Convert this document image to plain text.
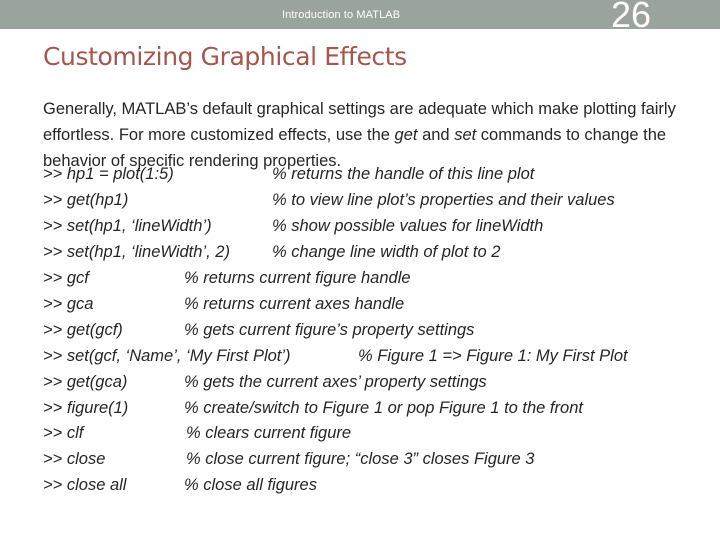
Introduction to MATLAB	26
Customizing Graphical Effects
Generally, MATLAB’s default graphical settings are adequate which make plotting fairly effortless. For more customized effects, use the get and set commands to change the behavior of specific rendering properties.
>> hp1 = plot(1:5)	% returns the handle of this line plot
>> get(hp1)	% to view line plot’s properties and their values
>> set(hp1, ‘lineWidth’)	% show possible values for lineWidth
>> set(hp1, ‘lineWidth’, 2)	% change line width of plot to 2
>> gcf	% returns current figure handle
>> gca	% returns current axes handle
>> get(gcf)	% gets current figure’s property settings
>> set(gcf, ‘Name’, ‘My First Plot’)	% Figure 1 => Figure 1: My First Plot
>> get(gca)	% gets the current axes’ property settings
>> figure(1)	% create/switch to Figure 1 or pop Figure 1 to the front
>> clf	% clears current figure
>> close	% close current figure; “close 3” closes Figure 3
>> close all	% close all figures
